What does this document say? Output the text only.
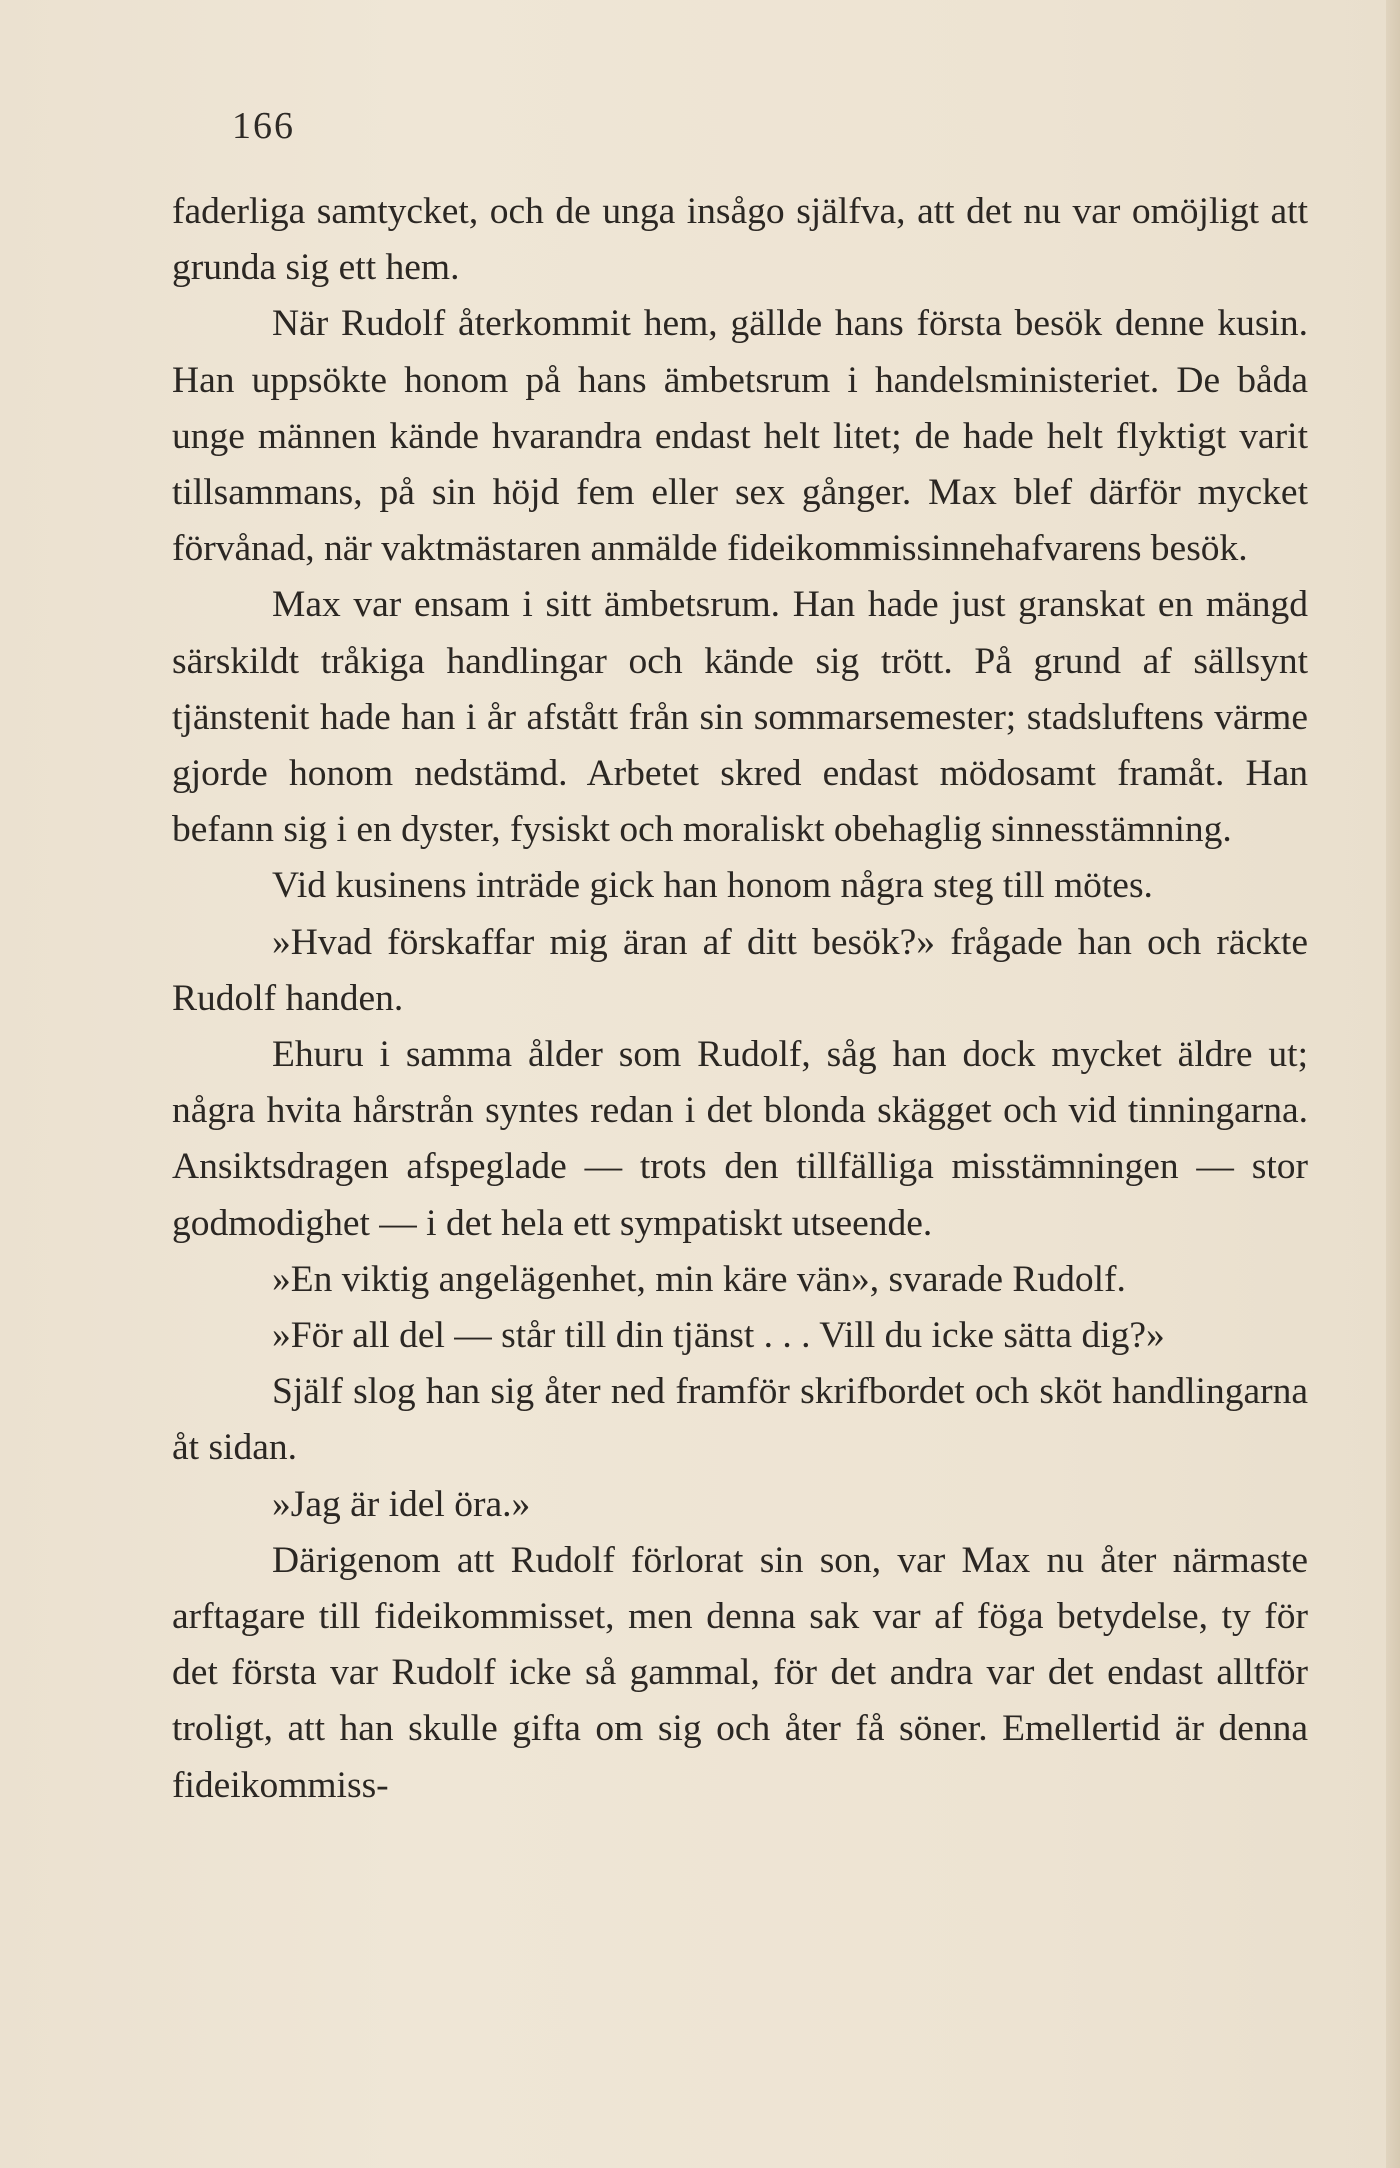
166

faderliga samtycket, och de unga insågo själfva, att det nu var omöjligt att grunda sig ett hem.

När Rudolf återkommit hem, gällde hans första besök denne kusin. Han uppsökte honom på hans ämbetsrum i handelsministeriet. De båda unge männen kände hvarandra endast helt litet; de hade helt flyktigt varit tillsammans, på sin höjd fem eller sex gånger. Max blef därför mycket förvånad, när vaktmästaren anmälde fideikommissinnehafvarens besök.

Max var ensam i sitt ämbetsrum. Han hade just granskat en mängd särskildt tråkiga handlingar och kände sig trött. På grund af sällsynt tjänstenit hade han i år afstått från sin sommarsemester; stadsluftens värme gjorde honom nedstämd. Arbetet skred endast mödosamt framåt. Han befann sig i en dyster, fysiskt och moraliskt obehaglig sinnesstämning.

Vid kusinens inträde gick han honom några steg till mötes.

»Hvad förskaffar mig äran af ditt besök?» frågade han och räckte Rudolf handen.

Ehuru i samma ålder som Rudolf, såg han dock mycket äldre ut; några hvita hårstrån syntes redan i det blonda skägget och vid tinningarna. Ansiktsdragen afspeglade — trots den tillfälliga misstämningen — stor godmodighet — i det hela ett sympatiskt utseende.

»En viktig angelägenhet, min käre vän», svarade Rudolf.

»För all del — står till din tjänst . . . Vill du icke sätta dig?»

Själf slog han sig åter ned framför skrifbordet och sköt handlingarna åt sidan.

»Jag är idel öra.»

Därigenom att Rudolf förlorat sin son, var Max nu åter närmaste arftagare till fideikommisset, men denna sak var af föga betydelse, ty för det första var Rudolf icke så gammal, för det andra var det endast alltför troligt, att han skulle gifta om sig och åter få söner. Emellertid är denna fideikommiss-
